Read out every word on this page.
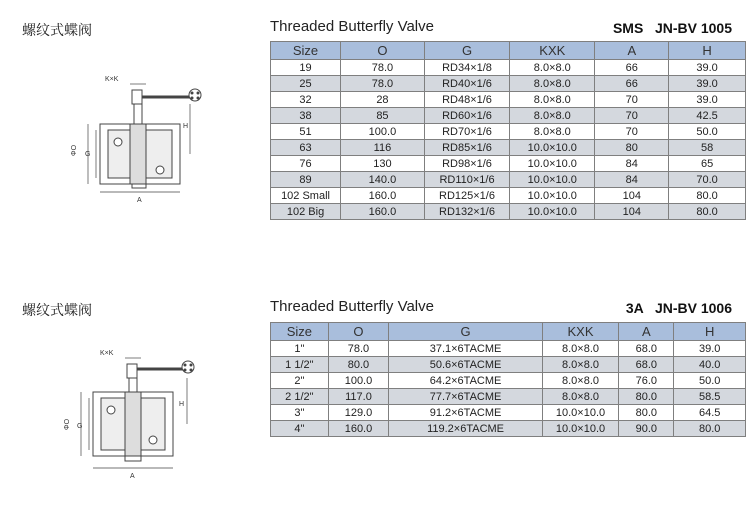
螺纹式蝶阀	Threaded Butterfly Valve	SMS JN-BV 1005
K×K
ΦO G
H
A
Size	O	G	KXK	A	H
19	78.0	RD34×1/8	8.0×8.0	66	39.0
25	78.0	RD40×1/6	8.0×8.0	66	39.0
32	28	RD48×1/6	8.0×8.0	70	39.0
38	85	RD60×1/6	8.0×8.0	70	42.5
51	100.0	RD70×1/6	8.0×8.0	70	50.0
63	116	RD85×1/6	10.0×10.0	80	58
76	130	RD98×1/6	10.0×10.0	84	65
89	140.0	RD110×1/6	10.0×10.0	84	70.0
102 Small	160.0	RD125×1/6	10.0×10.0	104	80.0
102 Big	160.0	RD132×1/6	10.0×10.0	104	80.0
螺纹式蝶阀	Threaded Butterfly Valve	3A JN-BV 1006
K×K
ΦO G
H
A
Size	O	G	KXK	A	H
1"	78.0	37.1×6TACME	8.0×8.0	68.0	39.0
1 1/2"	80.0	50.6×6TACME	8.0×8.0	68.0	40.0
2"	100.0	64.2×6TACME	8.0×8.0	76.0	50.0
2 1/2"	117.0	77.7×6TACME	8.0×8.0	80.0	58.5
3"	129.0	91.2×6TACME	10.0×10.0	80.0	64.5
4"	160.0	119.2×6TACME	10.0×10.0	90.0	80.0
